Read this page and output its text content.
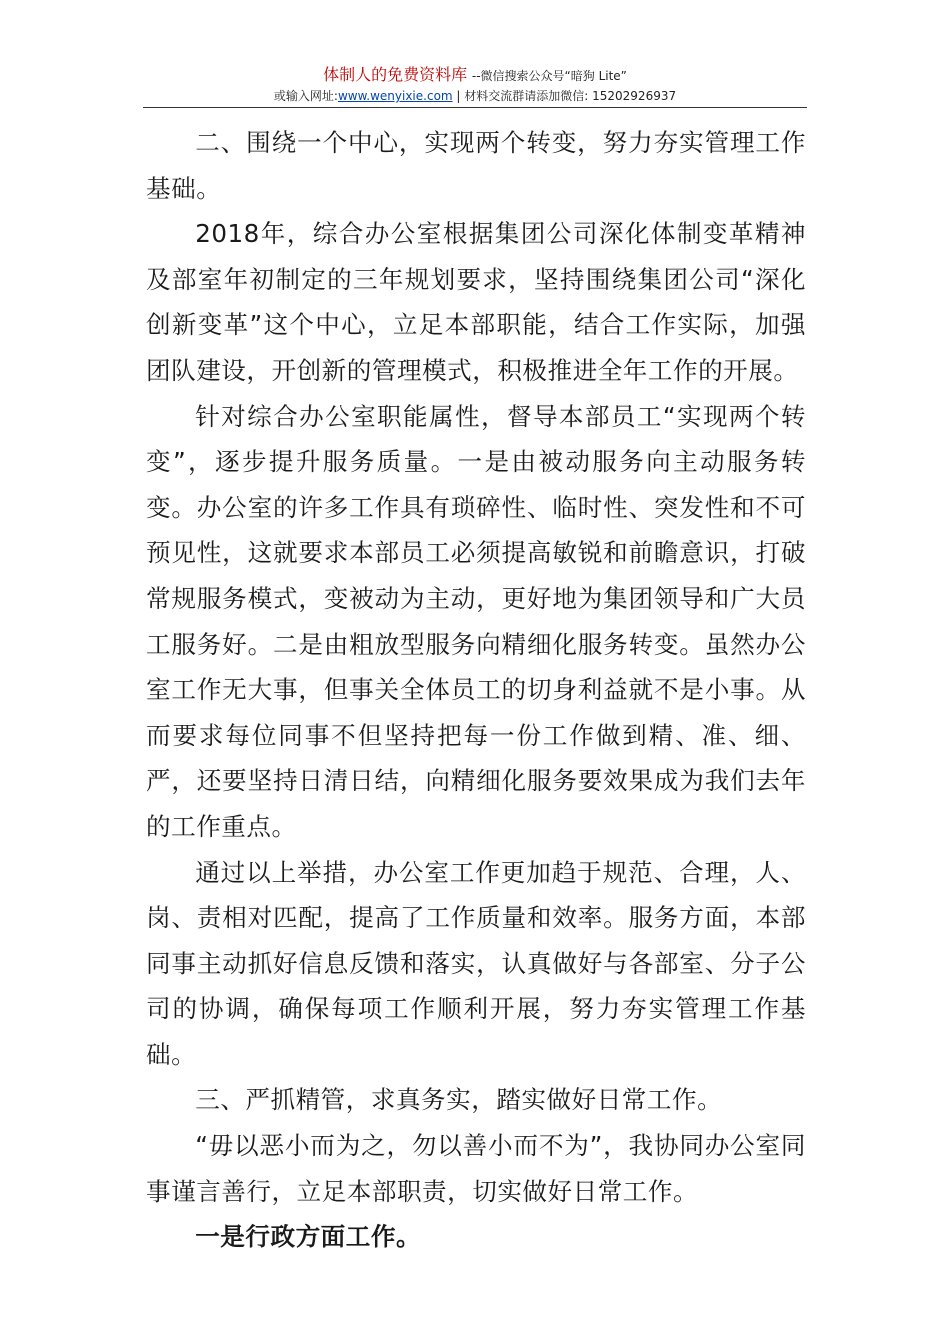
体制人的免费资料库 --微信搜索公众号“暗狗 Lite”
或输入网址:www.wenyixie.com | 材料交流群请添加微信: 15202926937

二、围绕一个中心，实现两个转变，努力夯实管理工作基础。

2018年，综合办公室根据集团公司深化体制变革精神及部室年初制定的三年规划要求，坚持围绕集团公司“深化创新变革”这个中心，立足本部职能，结合工作实际，加强团队建设，开创新的管理模式，积极推进全年工作的开展。

针对综合办公室职能属性，督导本部员工“实现两个转变”，逐步提升服务质量。一是由被动服务向主动服务转变。办公室的许多工作具有琐碎性、临时性、突发性和不可预见性，这就要求本部员工必须提高敏锐和前瞻意识，打破常规服务模式，变被动为主动，更好地为集团领导和广大员工服务好。二是由粗放型服务向精细化服务转变。虽然办公室工作无大事，但事关全体员工的切身利益就不是小事。从而要求每位同事不但坚持把每一份工作做到精、准、细、严，还要坚持日清日结，向精细化服务要效果成为我们去年的工作重点。

通过以上举措，办公室工作更加趋于规范、合理，人、岗、责相对匹配，提高了工作质量和效率。服务方面，本部同事主动抓好信息反馈和落实，认真做好与各部室、分子公司的协调，确保每项工作顺利开展，努力夯实管理工作基础。

三、严抓精管，求真务实，踏实做好日常工作。

“毋以恶小而为之，勿以善小而不为”，我协同办公室同事谨言善行，立足本部职责，切实做好日常工作。

一是行政方面工作。
